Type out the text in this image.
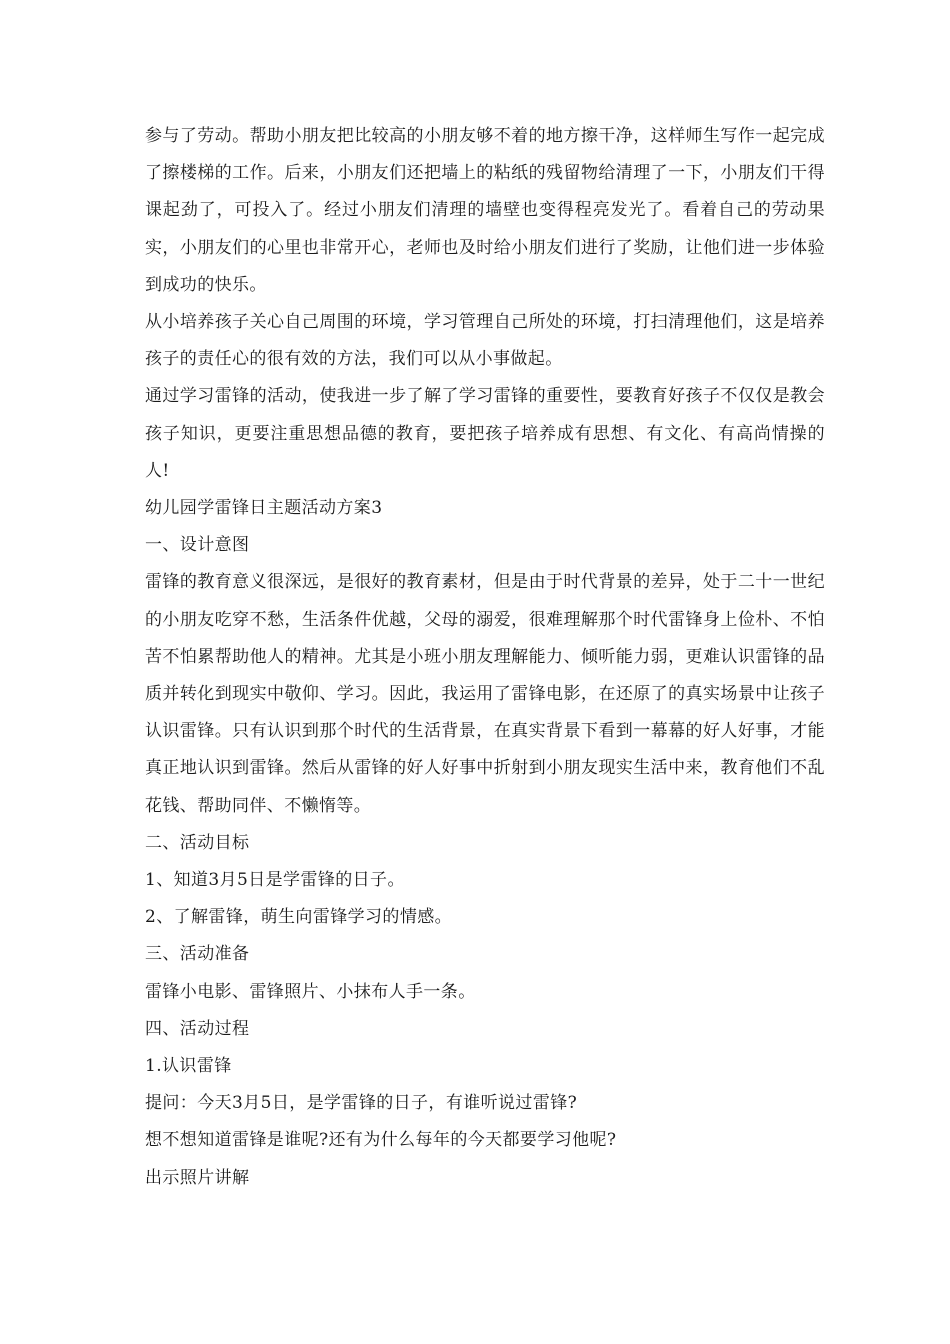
参与了劳动。帮助小朋友把比较高的小朋友够不着的地方擦干净，这样师生写作一起完成了擦楼梯的工作。后来，小朋友们还把墙上的粘纸的残留物给清理了一下，小朋友们干得课起劲了，可投入了。经过小朋友们清理的墙壁也变得程亮发光了。看着自己的劳动果实，小朋友们的心里也非常开心，老师也及时给小朋友们进行了奖励，让他们进一步体验到成功的快乐。

从小培养孩子关心自己周围的环境，学习管理自己所处的环境，打扫清理他们，这是培养孩子的责任心的很有效的方法，我们可以从小事做起。

通过学习雷锋的活动，使我进一步了解了学习雷锋的重要性，要教育好孩子不仅仅是教会孩子知识，更要注重思想品德的教育，要把孩子培养成有思想、有文化、有高尚情操的人!

幼儿园学雷锋日主题活动方案3

一、设计意图

雷锋的教育意义很深远，是很好的教育素材，但是由于时代背景的差异，处于二十一世纪的小朋友吃穿不愁，生活条件优越，父母的溺爱，很难理解那个时代雷锋身上俭朴、不怕苦不怕累帮助他人的精神。尤其是小班小朋友理解能力、倾听能力弱，更难认识雷锋的品质并转化到现实中敬仰、学习。因此，我运用了雷锋电影，在还原了的真实场景中让孩子认识雷锋。只有认识到那个时代的生活背景，在真实背景下看到一幕幕的好人好事，才能真正地认识到雷锋。然后从雷锋的好人好事中折射到小朋友现实生活中来，教育他们不乱花钱、帮助同伴、不懒惰等。

二、活动目标

1、知道3月5日是学雷锋的日子。

2、了解雷锋，萌生向雷锋学习的情感。

三、活动准备

雷锋小电影、雷锋照片、小抹布人手一条。

四、活动过程

1.认识雷锋

提问：今天3月5日，是学雷锋的日子，有谁听说过雷锋?

想不想知道雷锋是谁呢?还有为什么每年的今天都要学习他呢?

出示照片讲解
